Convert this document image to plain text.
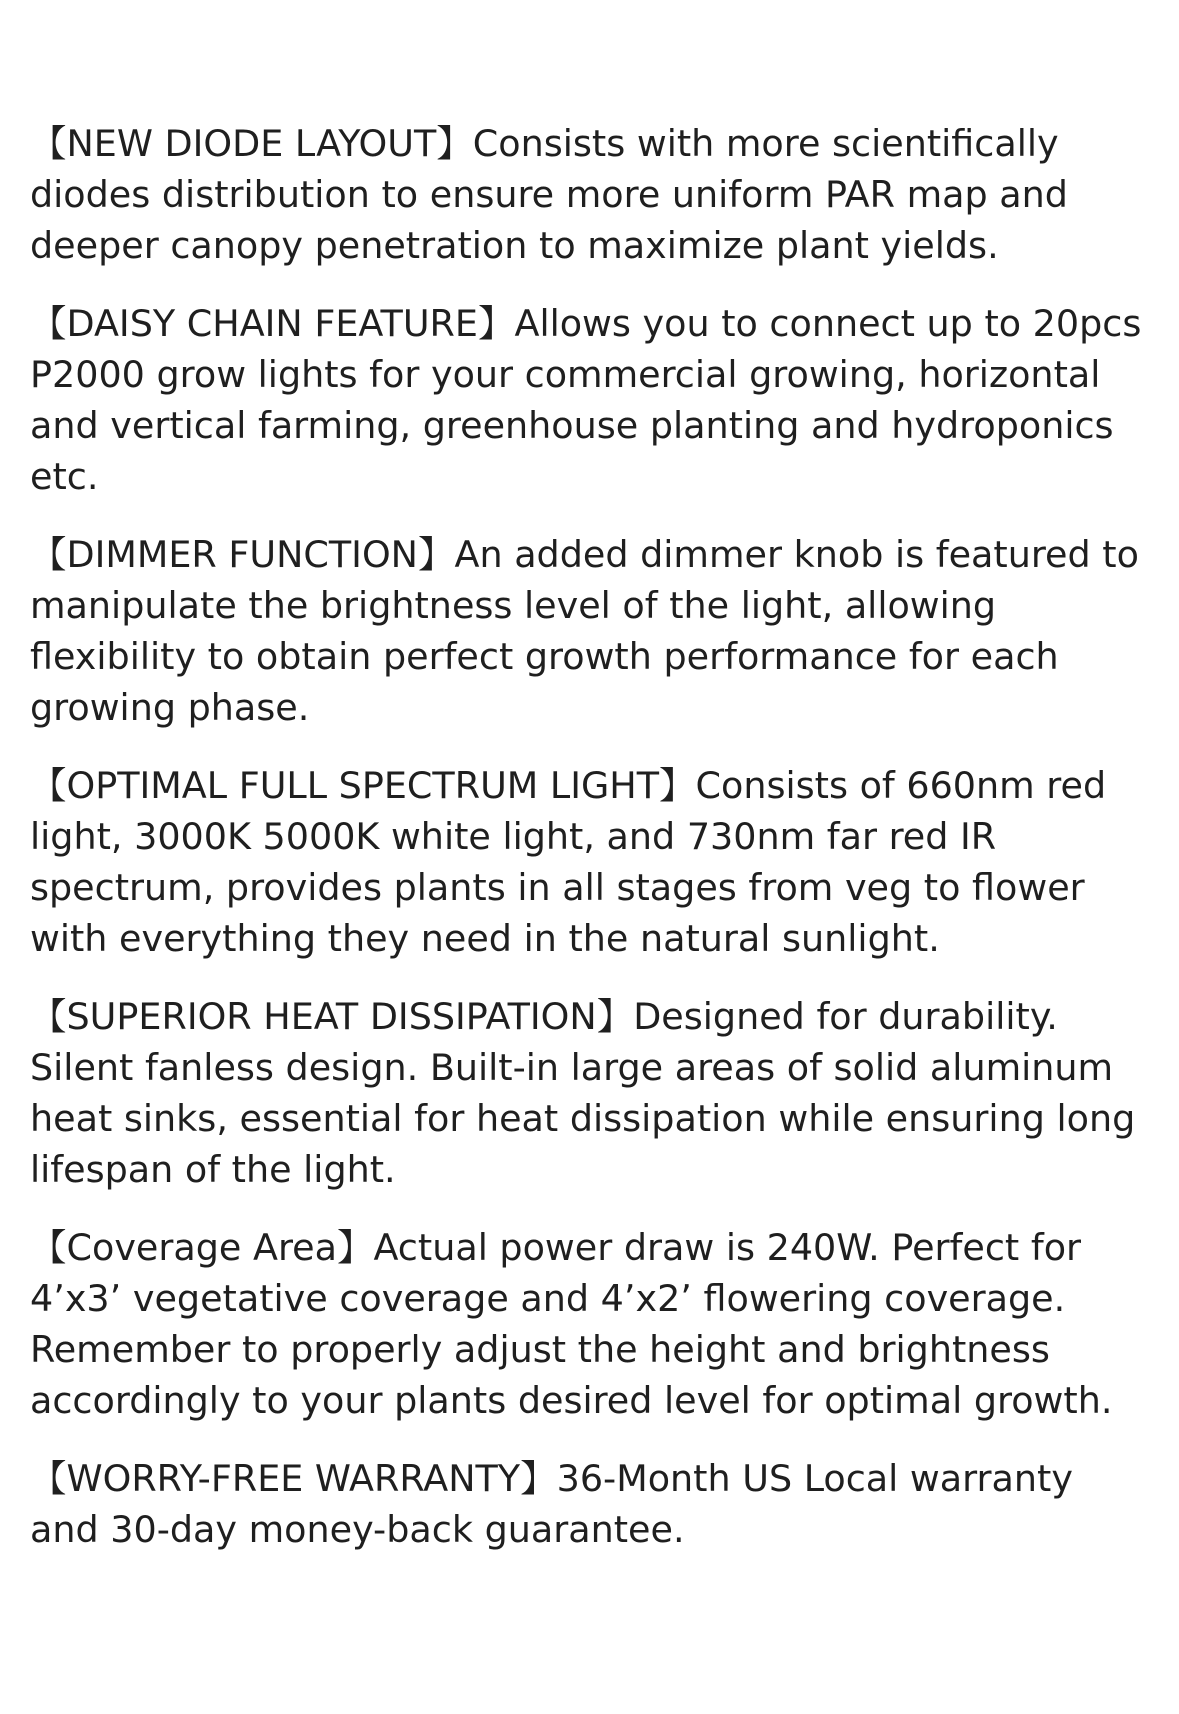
【NEW DIODE LAYOUT】Consists with more scientifically diodes distribution to ensure more uniform PAR map and deeper canopy penetration to maximize plant yields.

【DAISY CHAIN FEATURE】Allows you to connect up to 20pcs P2000 grow lights for your commercial growing, horizontal and vertical farming, greenhouse planting and hydroponics etc.

【DIMMER FUNCTION】An added dimmer knob is featured to manipulate the brightness level of the light, allowing flexibility to obtain perfect growth performance for each growing phase.

【OPTIMAL FULL SPECTRUM LIGHT】Consists of 660nm red light, 3000K 5000K white light, and 730nm far red IR spectrum, provides plants in all stages from veg to flower with everything they need in the natural sunlight.

【SUPERIOR HEAT DISSIPATION】Designed for durability. Silent fanless design. Built-in large areas of solid aluminum heat sinks, essential for heat dissipation while ensuring long lifespan of the light.

【Coverage Area】Actual power draw is 240W. Perfect for 4’x3’ vegetative coverage and 4’x2’ flowering coverage. Remember to properly adjust the height and brightness accordingly to your plants desired level for optimal growth.

【WORRY-FREE WARRANTY】36-Month US Local warranty and 30-day money-back guarantee.
